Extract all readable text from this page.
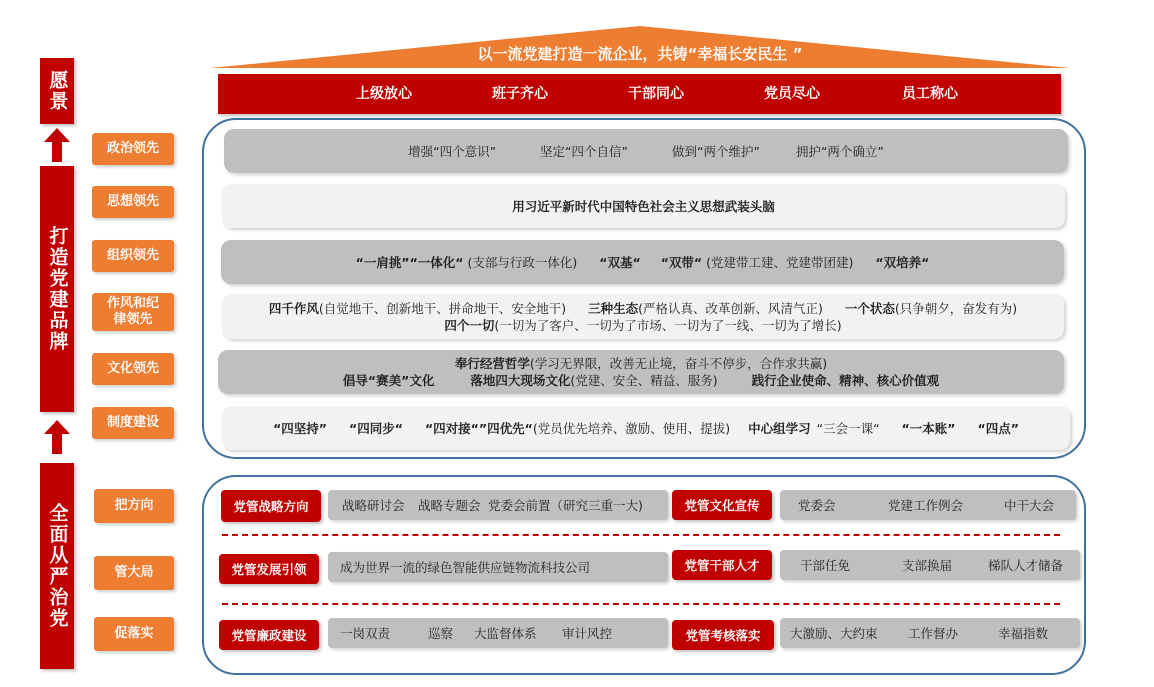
以一流党建打造一流企业，共铸“幸福长安民生 ”
上级放心	班子齐心	干部同心	党员尽心	员工称心
愿景
打造党建品牌
全面从严治党
政治领先
思想领先
组织领先
作风和纪律领先
文化领先
制度建设
把方向
管大局
促落实
增强“四个意识”	坚定“四个自信”	做到“两个维护”	拥护“两个确立”
用习近平新时代中国特色社会主义思想武装头脑
“一肩挑”“一体化“ (支部与行政一体化) “双基“ “双带“ (党建带工建、党建带团建) “双培养“
四千作风(自觉地干、创新地干、拼命地干、安全地干) 三种生态(严格认真、改革创新、风清气正) 一个状态(只争朝夕，奋发有为)
四个一切(一切为了客户、一切为了市场、一切为了一线、一切为了增长)
奉行经营哲学(学习无界限，改善无止境，奋斗不停步，合作求共赢)
倡导“赛美”文化	落地四大现场文化(党建、安全、精益、服务)	践行企业使命、精神、核心价值观
“四坚持” “四同步“ “四对接“”四优先“ (党员优先培养、激励、使用、提拔) 中心组学习 “三会一课“ “一本账” “四点”
战略研讨会 战略专题会 党委会前置（研究三重一大)
党管战略方向	党委会	党建工作例会	中干大会
党管文化宣传
成为世界一流的绿色智能供应链物流科技公司
党管发展引领	干部任免	支部换届	梯队人才储备
党管干部人才
一岗双责	巡察 大监督体系 审计风控
党管廉政建设	大激励、大约束 工作督办	幸福指数
党管考核落实
